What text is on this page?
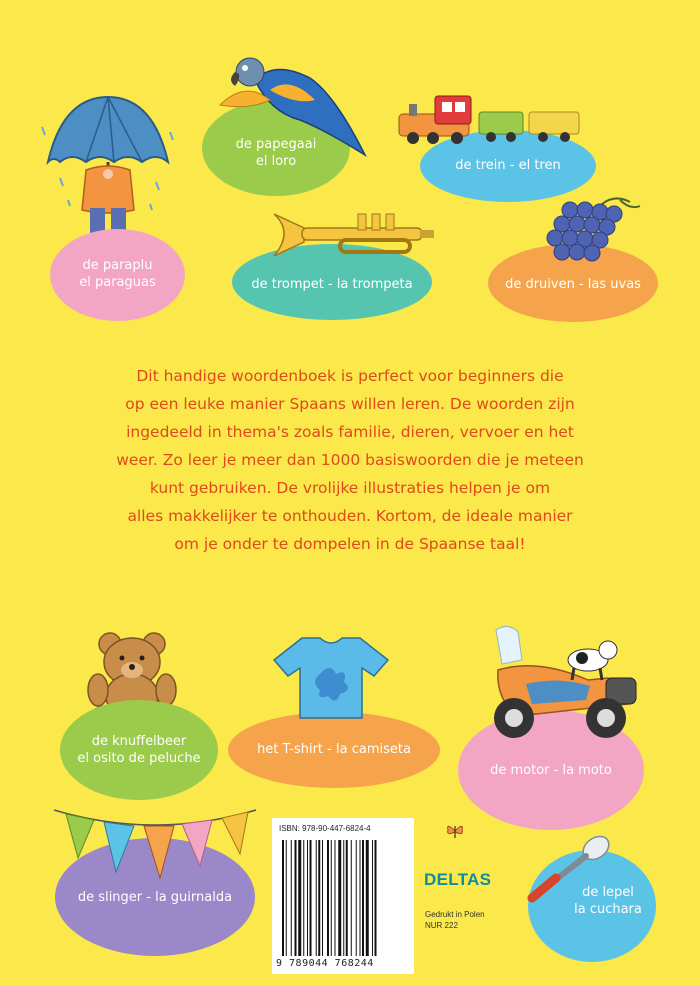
de paraplu
el paraguas
de papegaai
el loro	de trein - el tren
de trompet - la trompeta	de druiven - las uvas
Dit handige woordenboek is perfect voor beginners die
op een leuke manier Spaans willen leren. De woorden zijn
ingedeeld in thema's zoals familie, dieren, vervoer en het
weer. Zo leer je meer dan 1000 basiswoorden die je meteen
kunt gebruiken. De vrolijke illustraties helpen je om
alles makkelijker te onthouden. Kortom, de ideale manier
om je onder te dompelen in de Spaanse taal!
de knuffelbeer
el osito de peluche
het T-shirt - la camiseta
de motor - la moto
de slinger - la guirnalda
ISBN: 978-90-447-6824-4
9 789044 768244
DELTAS
Gedrukt in Polen
NUR 222
de lepel
la cuchara
